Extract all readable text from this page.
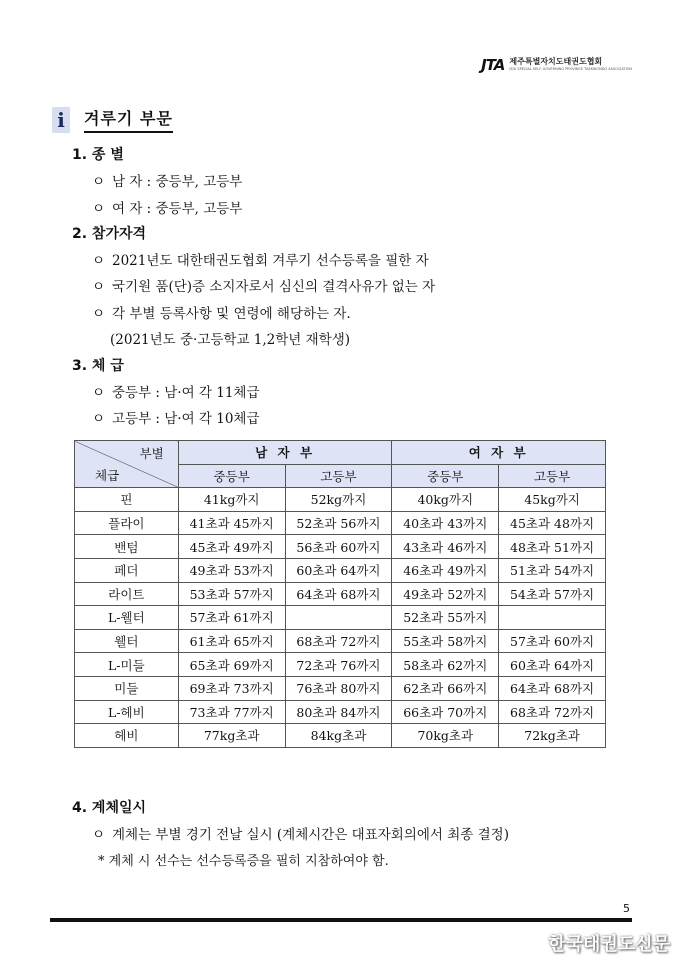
JTA 제주특별자치도태권도협회
JEJU SPECIAL SELF-GOVERNING PROVINCE TAEKWONDO ASSOCIATION
i	겨루기 부문
1. 종 별
ㅇ 남 자 : 중등부, 고등부
ㅇ 여 자 : 중등부, 고등부
2. 참가자격
ㅇ 2021년도 대한태권도협회 겨루기 선수등록을 필한 자
ㅇ 국기원 품(단)증 소지자로서 심신의 결격사유가 없는 자
ㅇ 각 부별 등록사항 및 연령에 해당하는 자.
(2021년도 중·고등학교 1,2학년 재학생)
3. 체 급
ㅇ 중등부 : 남·여 각 11체급
ㅇ 고등부 : 남·여 각 10체급
부별
체급	남 자 부		여 자 부	
	중등부	고등부	중등부	고등부
핀	41kg까지	52kg까지	40kg까지	45kg까지
플라이	41초과 45까지	52초과 56까지	40초과 43까지	45초과 48까지
밴텀	45초과 49까지	56초과 60까지	43초과 46까지	48초과 51까지
페더	49초과 53까지	60초과 64까지	46초과 49까지	51초과 54까지
라이트	53초과 57까지	64초과 68까지	49초과 52까지	54초과 57까지
L-웰터	57초과 61까지		52초과 55까지	
웰터	61초과 65까지	68초과 72까지	55초과 58까지	57초과 60까지
L-미들	65초과 69까지	72초과 76까지	58초과 62까지	60초과 64까지
미들	69초과 73까지	76초과 80까지	62초과 66까지	64초과 68까지
L-헤비	73초과 77까지	80초과 84까지	66초과 70까지	68초과 72까지
헤비	77kg초과	84kg초과	70kg초과	72kg초과
4. 계체일시
ㅇ 계체는 부별 경기 전날 실시 (계체시간은 대표자회의에서 최종 결정)
* 계체 시 선수는 선수등록증을 필히 지참하여야 함.
5
한국태권도신문
